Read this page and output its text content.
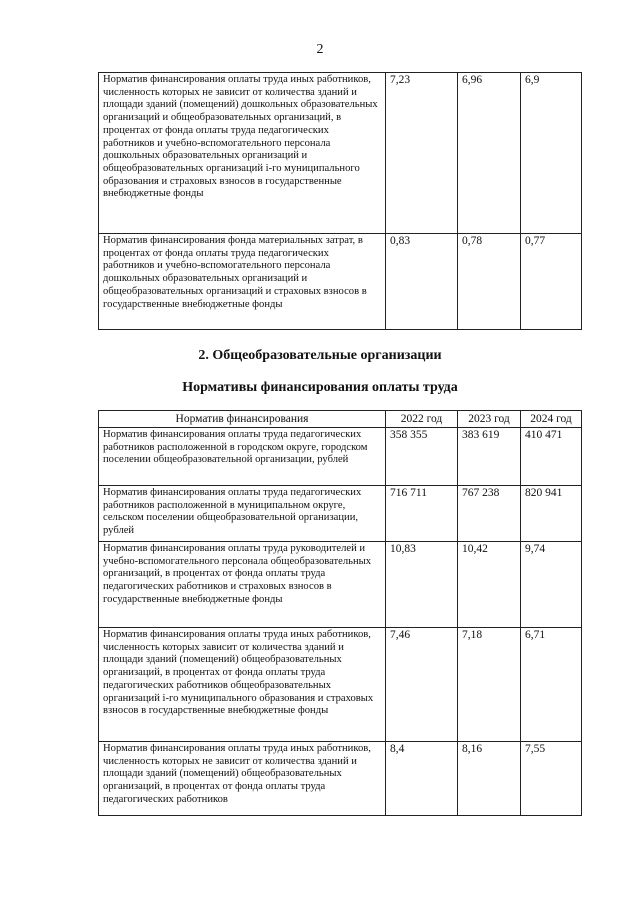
2
Норматив финансирования оплаты труда иных работников, численность которых не зависит от количества зданий и площади зданий (помещений) дошкольных образовательных организаций и общеобразовательных организаций, в процентах от фонда оплаты труда педагогических работников и учебно-вспомогательного персонала дошкольных образовательных организаций и общеобразовательных организаций i-го муниципального образования и страховых взносов в государственные внебюджетные фонды	7,23	6,96	6,9
Норматив финансирования фонда материальных затрат, в процентах от фонда оплаты труда педагогических работников и учебно-вспомогательного персонала дошкольных образовательных организаций и общеобразовательных организаций и страховых взносов в государственные внебюджетные фонды	0,83	0,78	0,77
2. Общеобразовательные организации
Нормативы финансирования оплаты труда
Норматив финансирования	2022 год	2023 год	2024 год
Норматив финансирования оплаты труда педагогических работников расположенной в городском округе, городском поселении общеобразовательной организации, рублей	358 355	383 619	410 471
Норматив финансирования оплаты труда педагогических работников расположенной в муниципальном округе, сельском поселении общеобразовательной организации, рублей	716 711	767 238	820 941
Норматив финансирования оплаты труда руководителей и учебно-вспомогательного персонала общеобразовательных организаций, в процентах от фонда оплаты труда педагогических работников и страховых взносов в государственные внебюджетные фонды	10,83	10,42	9,74
Норматив финансирования оплаты труда иных работников, численность которых зависит от количества зданий и площади зданий (помещений) общеобразовательных организаций, в процентах от фонда оплаты труда педагогических работников общеобразовательных организаций i-го муниципального образования и страховых взносов в государственные внебюджетные фонды	7,46	7,18	6,71
Норматив финансирования оплаты труда иных работников, численность которых не зависит от количества зданий и площади зданий (помещений) общеобразовательных организаций, в процентах от фонда оплаты труда педагогических работников	8,4	8,16	7,55
